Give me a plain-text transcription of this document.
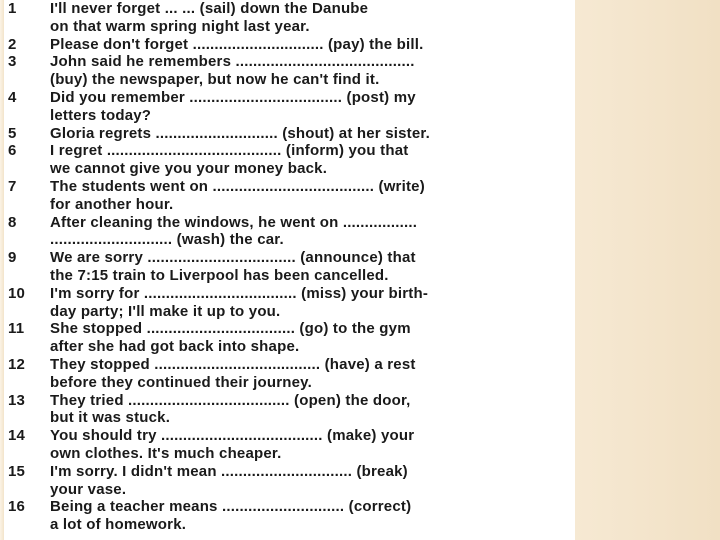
1	I'll never forget ... ... (sail) down the Danube
on that warm spring night last year.
2	Please don't forget .............................. (pay) the bill.
3	John said he remembers .........................................
(buy) the newspaper, but now he can't find it.
4	Did you remember ................................... (post) my
letters today?
5	Gloria regrets ............................ (shout) at her sister.
6	I regret ........................................ (inform) you that
we cannot give you your money back.
7	The students went on ..................................... (write)
for another hour.
8	After cleaning the windows, he went on .................
............................ (wash) the car.
9	We are sorry .................................. (announce) that
the 7:15 train to Liverpool has been cancelled.
10	I'm sorry for ................................... (miss) your birth-
day party; I'll make it up to you.
11	She stopped .................................. (go) to the gym
after she had got back into shape.
12	They stopped ...................................... (have) a rest
before they continued their journey.
13	They tried ..................................... (open) the door,
but it was stuck.
14	You should try ..................................... (make) your
own clothes. It's much cheaper.
15	I'm sorry. I didn't mean .............................. (break)
your vase.
16	Being a teacher means ............................ (correct)
a lot of homework.
